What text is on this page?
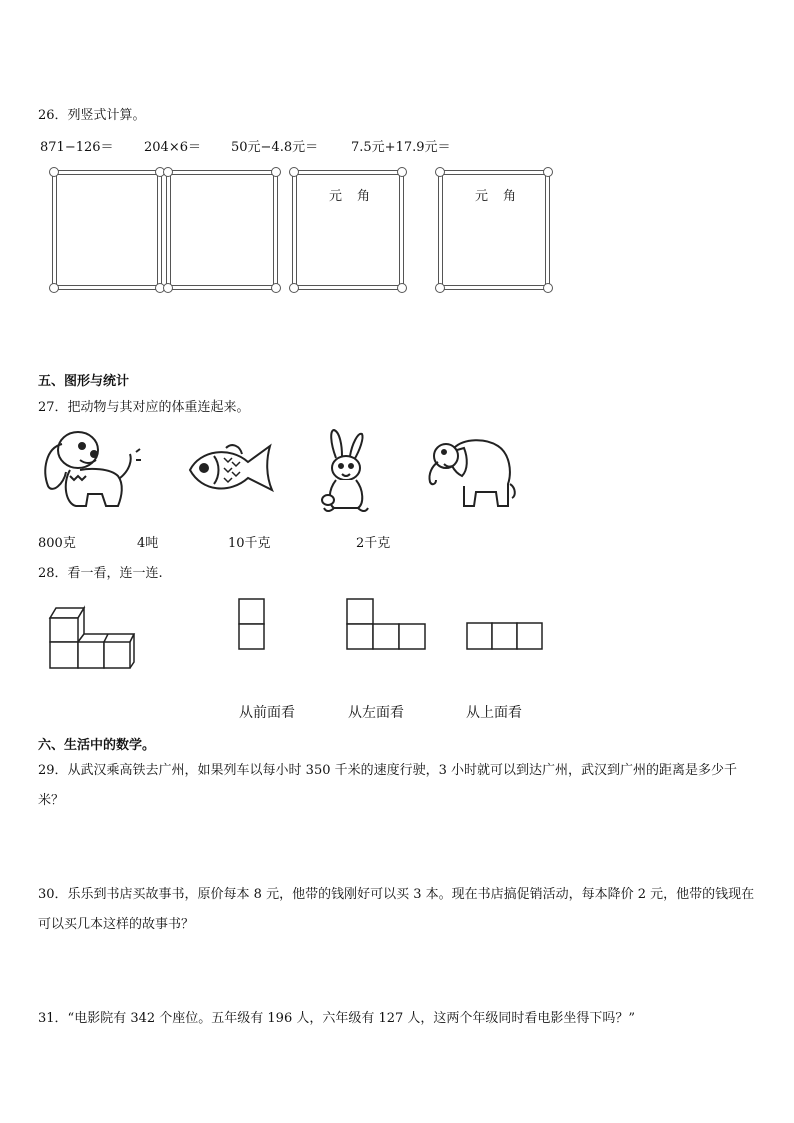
26．列竖式计算。
871−126＝ 204×6＝ 50元−4.8元＝	7.5元+17.9元＝
元 角	元 角
五、图形与统计
27．把动物与其对应的体重连起来。
800克	4吨	10千克	2千克
28．看一看，连一连.
从前面看	从左面看	从上面看
六、生活中的数学。
29．从武汉乘高铁去广州，如果列车以每小时 350 千米的速度行驶，3 小时就可以到达广州，武汉到广州的距离是多少千米？
30．乐乐到书店买故事书，原价每本 8 元，他带的钱刚好可以买 3 本。现在书店搞促销活动，每本降价 2 元，他带的钱现在可以买几本这样的故事书？
31．“电影院有 342 个座位。五年级有 196 人，六年级有 127 人，这两个年级同时看电影坐得下吗？”
